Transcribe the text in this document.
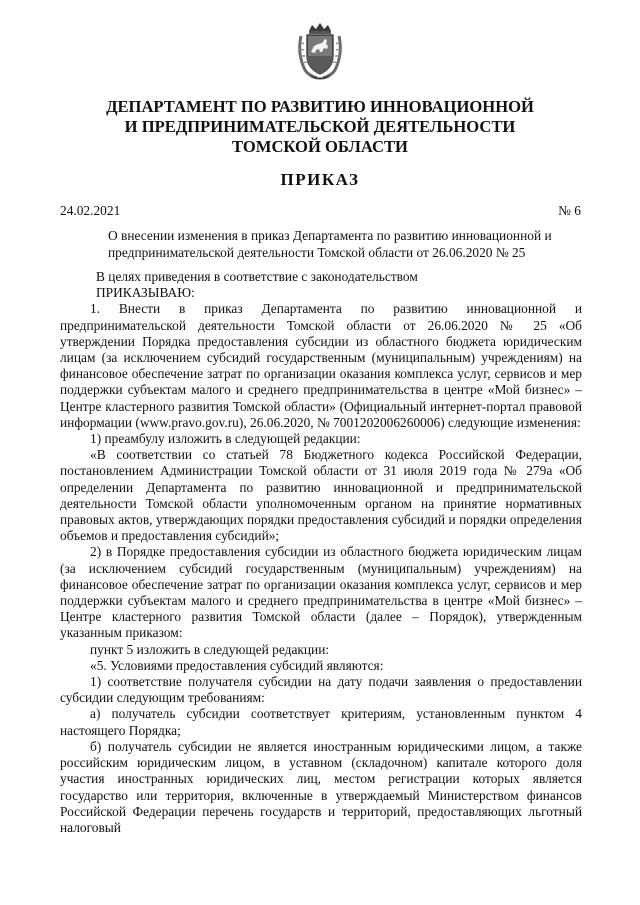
ДЕПАРТАМЕНТ ПО РАЗВИТИЮ ИННОВАЦИОННОЙ
И ПРЕДПРИНИМАТЕЛЬСКОЙ ДЕЯТЕЛЬНОСТИ
ТОМСКОЙ ОБЛАСТИ
ПРИКАЗ
24.02.2021	№ 6
О внесении изменения в приказ Департамента по развитию инновационной и предпринимательской деятельности Томской области от 26.06.2020 № 25

В целях приведения в соответствие с законодательством

ПРИКАЗЫВАЮ:

1. Внести в приказ Департамента по развитию инновационной и предпринимательской деятельности Томской области от 26.06.2020 № 25 «Об утверждении Порядка предоставления субсидии из областного бюджета юридическим лицам (за исключением субсидий государственным (муниципальным) учреждениям) на финансовое обеспечение затрат по организации оказания комплекса услуг, сервисов и мер поддержки субъектам малого и среднего предпринимательства в центре «Мой бизнес» – Центре кластерного развития Томской области» (Официальный интернет-портал правовой информации (www.pravo.gov.ru), 26.06.2020, № 7001202006260006) следующие изменения:

1) преамбулу изложить в следующей редакции:

«В соответствии со статьей 78 Бюджетного кодекса Российской Федерации, постановлением Администрации Томской области от 31 июля 2019 года № 279а «Об определении Департамента по развитию инновационной и предпринимательской деятельности Томской области уполномоченным органом на принятие нормативных правовых актов, утверждающих порядки предоставления субсидий и порядки определения объемов и предоставления субсидий»;

2) в Порядке предоставления субсидии из областного бюджета юридическим лицам (за исключением субсидий государственным (муниципальным) учреждениям) на финансовое обеспечение затрат по организации оказания комплекса услуг, сервисов и мер поддержки субъектам малого и среднего предпринимательства в центре «Мой бизнес» – Центре кластерного развития Томской области (далее – Порядок), утвержденным указанным приказом:

пункт 5 изложить в следующей редакции:

«5. Условиями предоставления субсидий являются:

1) соответствие получателя субсидии на дату подачи заявления о предоставлении субсидии следующим требованиям:

а) получатель субсидии соответствует критериям, установленным пунктом 4 настоящего Порядка;

б) получатель субсидии не является иностранным юридическими лицом, а также российским юридическим лицом, в уставном (складочном) капитале которого доля участия иностранных юридических лиц, местом регистрации которых является государство или территория, включенные в утверждаемый Министерством финансов Российской Федерации перечень государств и территорий, предоставляющих льготный налоговый
